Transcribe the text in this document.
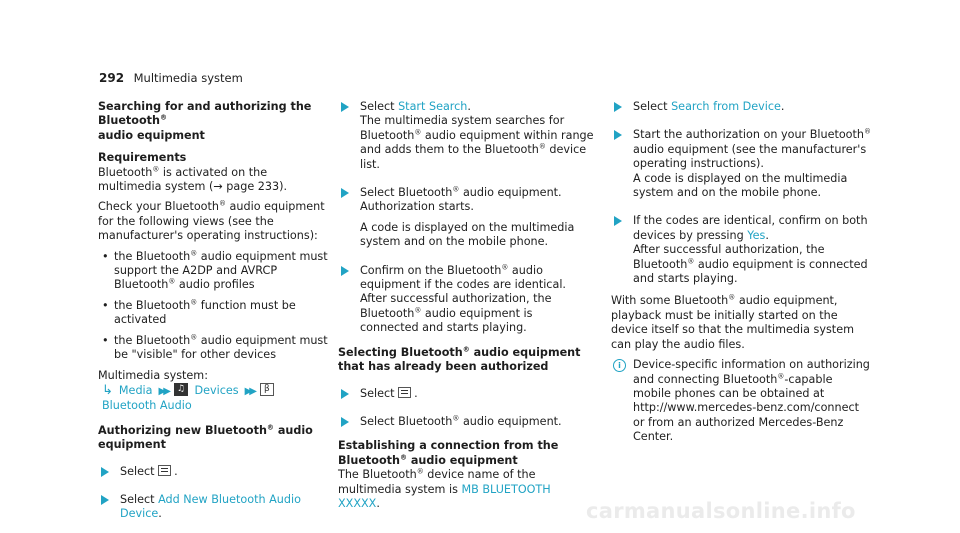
292 Multimedia system

Searching for and authorizing the Bluetooth®
audio equipment

Requirements

Bluetooth® is activated on the multimedia system (→ page 233).

Check your Bluetooth® audio equipment for the following views (see the manufacturer's operating instructions):

• the Bluetooth® audio equipment must support the A2DP and AVRCP Bluetooth® audio profiles

• the Bluetooth® function must be activated

• the Bluetooth® audio equipment must be "visible" for other devices

Multimedia system:

↳ Media ▶▶♫ Devices ▶▶β Bluetooth Audio

Authorizing new Bluetooth® audio equipment

Select .

Select Add New Bluetooth Audio Device.

Select Start Search.
The multimedia system searches for Bluetooth® audio equipment within range and adds them to the Bluetooth® device list.

Select Bluetooth® audio equipment.
Authorization starts.

A code is displayed on the multimedia system and on the mobile phone.

Confirm on the Bluetooth® audio equipment if the codes are identical.
After successful authorization, the Bluetooth® audio equipment is connected and starts playing.

Selecting Bluetooth® audio equipment that has already been authorized

Select .

Select Bluetooth® audio equipment.

Establishing a connection from the Bluetooth® audio equipment

The Bluetooth® device name of the multimedia system is MB BLUETOOTH XXXXX.

Select Search from Device.

Start the authorization on your Bluetooth® audio equipment (see the manufacturer's operating instructions).
A code is displayed on the multimedia system and on the mobile phone.

If the codes are identical, confirm on both devices by pressing Yes.
After successful authorization, the Bluetooth® audio equipment is connected and starts playing.

With some Bluetooth® audio equipment, playback must be initially started on the device itself so that the multimedia system can play the audio files.

i	Device-specific information on authorizing and connecting Bluetooth®-capable mobile phones can be obtained at http://www.mercedes-benz.com/connect or from an authorized Mercedes-Benz Center.

carmanualsonline.info
